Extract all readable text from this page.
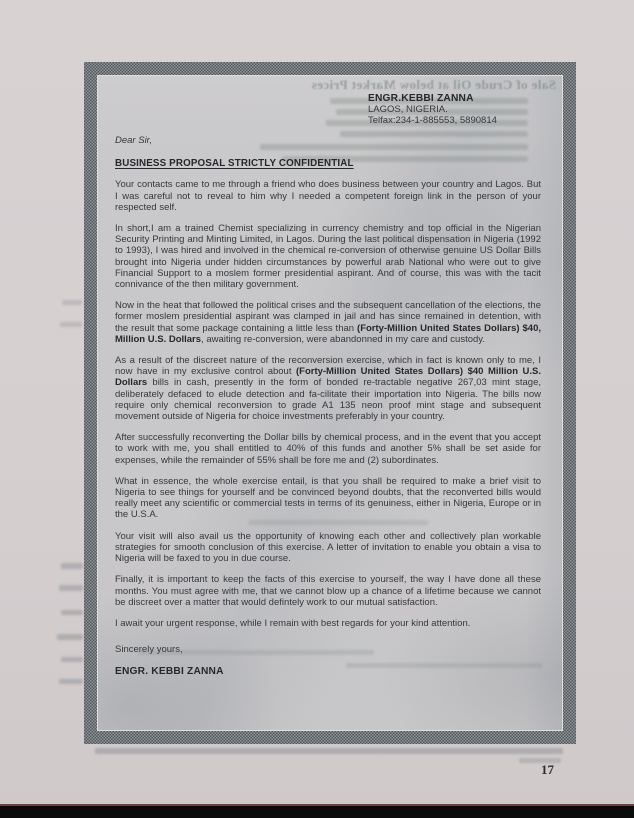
Sale of Crude Oil at below Market Prices
ENGR.KEBBI ZANNA
LAGOS, NIGERIA.
Telfax:234-1-885553, 5890814
Dear Sir,
BUSINESS PROPOSAL STRICTLY CONFIDENTIAL

Your contacts came to me through a friend who does business between your country and Lagos. But I was careful not to reveal to him why I needed a competent foreign link in the person of your respected self.

In short,I am a trained Chemist specializing in currency chemistry and top official in the Nigerian Security Printing and Minting Limited, in Lagos. During the last political dispensation in Nigeria (1992 to 1993), I was hired and involved in the chemical re-conversion of otherwise genuine US Dollar Bills brought into Nigeria under hidden circumstances by powerful arab National who were out to give Financial Support to a moslem former presidential aspirant. And of course, this was with the tacit connivance of the then military government.

Now in the heat that followed the political crises and the subsequent cancellation of the elections, the former moslem presidential aspirant was clamped in jail and has since remained in detention, with the result that some package containing a little less than (Forty-Million United States Dollars) $40, Million U.S. Dollars, awaiting re-conversion, were abandonned in my care and custody.

As a result of the discreet nature of the reconversion exercise, which in fact is known only to me, I now have in my exclusive control about (Forty-Million United States Dollars) $40 Million U.S. Dollars bills in cash, presently in the form of bonded re-tractable negative 267,03 mint stage, deliberately defaced to elude detection and fa-cilitate their importation into Nigeria. The bills now require only chemical reconversion to grade A1 135 neon proof mint stage and subsequent movement outside of Nigeria for choice investments preferably in your country.

After successfully reconverting the Dollar bills by chemical process, and in the event that you accept to work with me, you shall entitled to 40% of this funds and another 5% shall be set aside for expenses, while the remainder of 55% shall be fore me and (2) subordinates.

What in essence, the whole exercise entail, is that you shall be required to make a brief visit to Nigeria to see things for yourself and be convinced beyond doubts, that the reconverted bills would really meet any scientific or commercial tests in terms of its genuiness, either in Nigeria, Europe or in the U.S.A.

Your visit will also avail us the opportunity of knowing each other and collectively plan workable strategies for smooth conclusion of this exercise. A letter of invitation to enable you obtain a visa to Nigeria will be faxed to you in due course.

Finally, it is important to keep the facts of this exercise to yourself, the way I have done all these months. You must agree with me, that we cannot blow up a chance of a lifetime because we cannot be discreet over a matter that would defintely work to our mutual satisfaction.

I await your urgent response, while I remain with best regards for your kind attention.

Sincerely yours,
ENGR. KEBBI ZANNA
17
